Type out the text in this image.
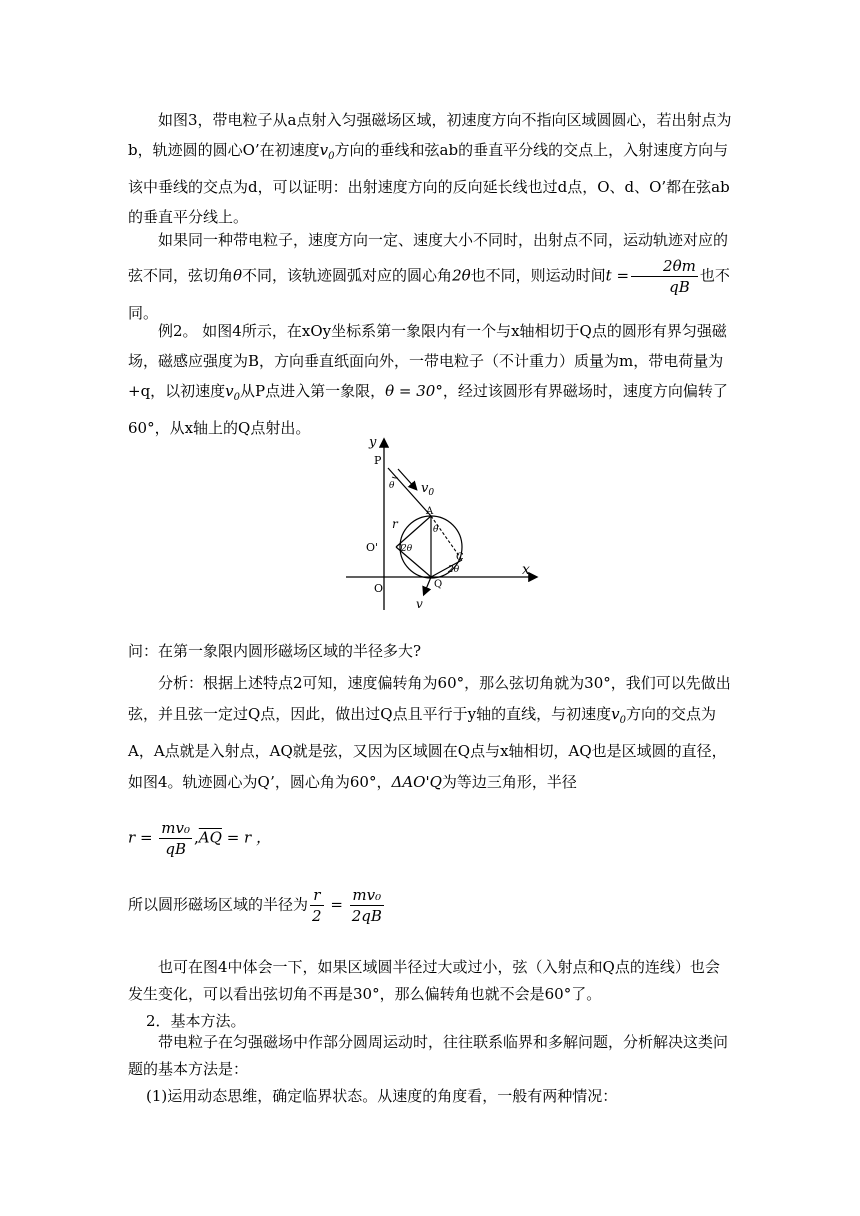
如图3，带电粒子从a点射入匀强磁场区域，初速度方向不指向区域圆圆心，若出射点为b，轨迹圆的圆心O’在初速度$v_0$方向的垂线和弦ab的垂直平分线的交点上，入射速度方向与该中垂线的交点为d，可以证明：出射速度方向的反向延长线也过d点，O、d、O’都在弦ab的垂直平分线上。

如果同一种带电粒子，速度方向一定、速度大小不同时，出射点不同，运动轨迹对应的弦不同，弦切角θ不同，该轨迹圆弧对应的圆心角2θ也不同，则运动时间$t = \frac{2\theta m}{qB}$ 也不同。

例2。 如图4所示，在xOy坐标系第一象限内有一个与x轴相切于Q点的圆形有界匀强磁场，磁感应强度为B，方向垂直纸面向外，一带电粒子（不计重力）质量为m，带电荷量为+q，以初速度$v_0$从P点进入第一象限，θ = 30°，经过该圆形有界磁场时，速度方向偏转了60°，从x轴上的Q点射出。

y
x
P
O
O'
A
C
Q
r
$v_0$
v
θ
θ
2θ
2θ
问：在第一象限内圆形磁场区域的半径多大?

分析：根据上述特点2可知，速度偏转角为60°，那么弦切角就为30°，我们可以先做出弦，并且弦一定过Q点，因此，做出过Q点且平行于y轴的直线，与初速度$v_0$方向的交点为A，A点就是入射点，AQ就是弦，又因为区域圆在Q点与x轴相切，AQ也是区域圆的直径，如图4。轨迹圆心为Q’，圆心角为60°，ΔAO'Q为等边三角形，半径

$r = \frac{\text{mv₀}}{qB} ,\overline{AQ} = r$ ，
所以圆形磁场区域的半径为 $\frac{r}{2} = \frac{\text{mv₀}}{2qB}$

也可在图4中体会一下，如果区域圆半径过大或过小，弦（入射点和Q点的连线）也会发生变化，可以看出弦切角不再是30°，那么偏转角也就不会是60°了。

2．基本方法。

带电粒子在匀强磁场中作部分圆周运动时，往往联系临界和多解问题，分析解决这类问题的基本方法是：

(1)运用动态思维，确定临界状态。从速度的角度看，一般有两种情况：
